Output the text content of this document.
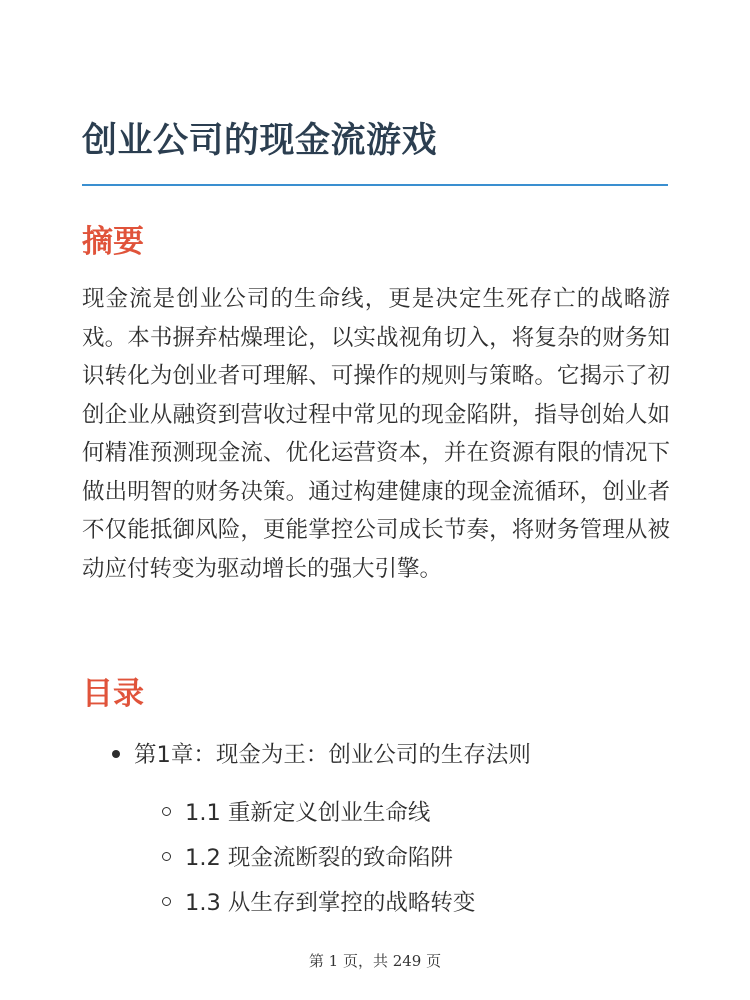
创业公司的现金流游戏
摘要

现金流是创业公司的生命线，更是决定生死存亡的战略游戏。本书摒弃枯燥理论，以实战视角切入，将复杂的财务知识转化为创业者可理解、可操作的规则与策略。它揭示了初创企业从融资到营收过程中常见的现金陷阱，指导创始人如何精准预测现金流、优化运营资本，并在资源有限的情况下做出明智的财务决策。通过构建健康的现金流循环，创业者不仅能抵御风险，更能掌控公司成长节奏，将财务管理从被动应付转变为驱动增长的强大引擎。

目录
第1章：现金为王：创业公司的生存法则
1.1 重新定义创业生命线
1.2 现金流断裂的致命陷阱
1.3 从生存到掌控的战略转变
第 1 页，共 249 页
